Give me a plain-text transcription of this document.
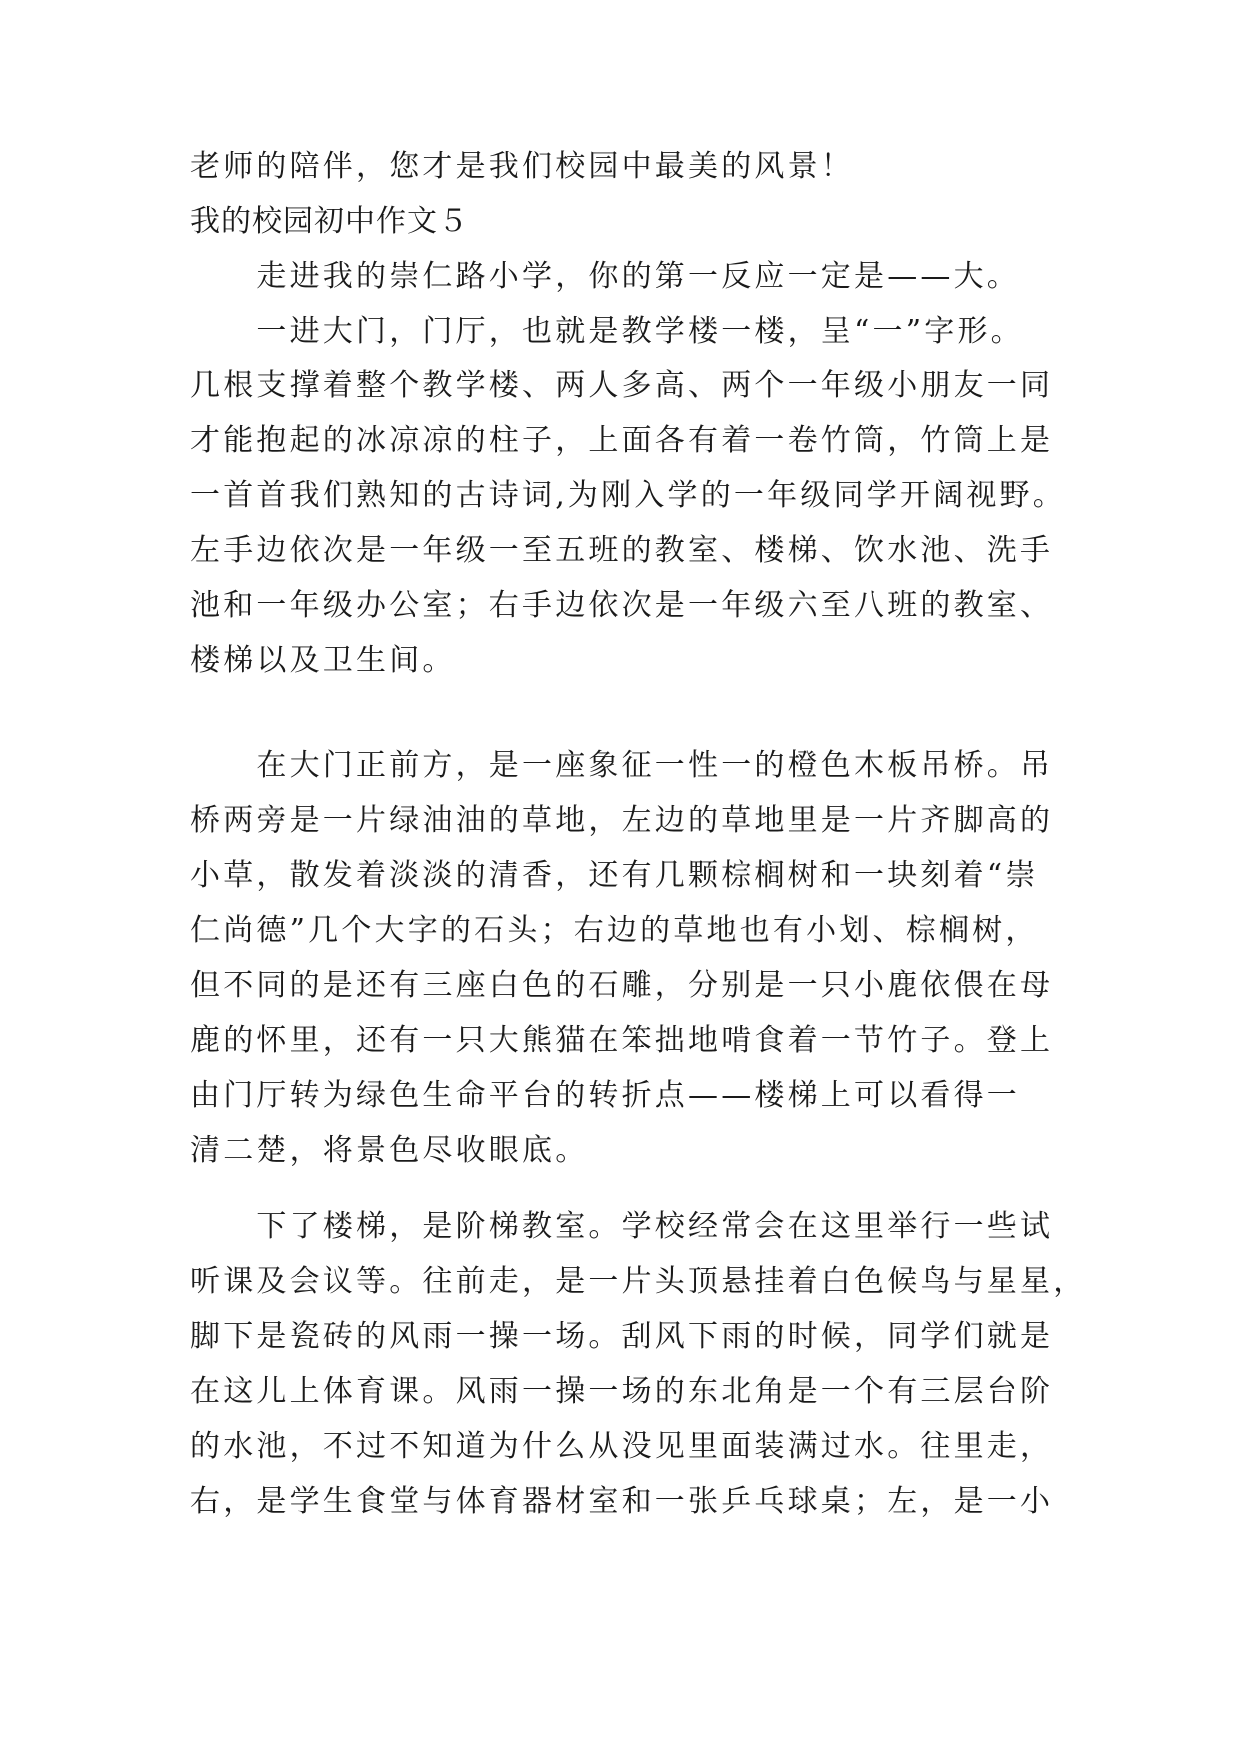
老师的陪伴，您才是我们校园中最美的风景！
我的校园初中作文５
　　走进我的崇仁路小学，你的第一反应一定是——大。
　　一进大门，门厅，也就是教学楼一楼，呈“一”字形。
几根支撑着整个教学楼、两人多高、两个一年级小朋友一同
才能抱起的冰凉凉的柱子，上面各有着一卷竹筒，竹筒上是
一首首我们熟知的古诗词,为刚入学的一年级同学开阔视野。
左手边依次是一年级一至五班的教室、楼梯、饮水池、洗手
池和一年级办公室；右手边依次是一年级六至八班的教室、
楼梯以及卫生间。
　　在大门正前方，是一座象征一性一的橙色木板吊桥。吊
桥两旁是一片绿油油的草地，左边的草地里是一片齐脚高的
小草，散发着淡淡的清香，还有几颗棕榈树和一块刻着“崇
仁尚德”几个大字的石头；右边的草地也有小划、棕榈树，
但不同的是还有三座白色的石雕，分别是一只小鹿依偎在母
鹿的怀里，还有一只大熊猫在笨拙地啃食着一节竹子。登上
由门厅转为绿色生命平台的转折点——楼梯上可以看得一
清二楚，将景色尽收眼底。
　　下了楼梯，是阶梯教室。学校经常会在这里举行一些试
听课及会议等。往前走，是一片头顶悬挂着白色候鸟与星星，
脚下是瓷砖的风雨一操一场。刮风下雨的时候，同学们就是
在这儿上体育课。风雨一操一场的东北角是一个有三层台阶
的水池，不过不知道为什么从没见里面装满过水。往里走，
右，是学生食堂与体育器材室和一张乒乓球桌；左，是一小
